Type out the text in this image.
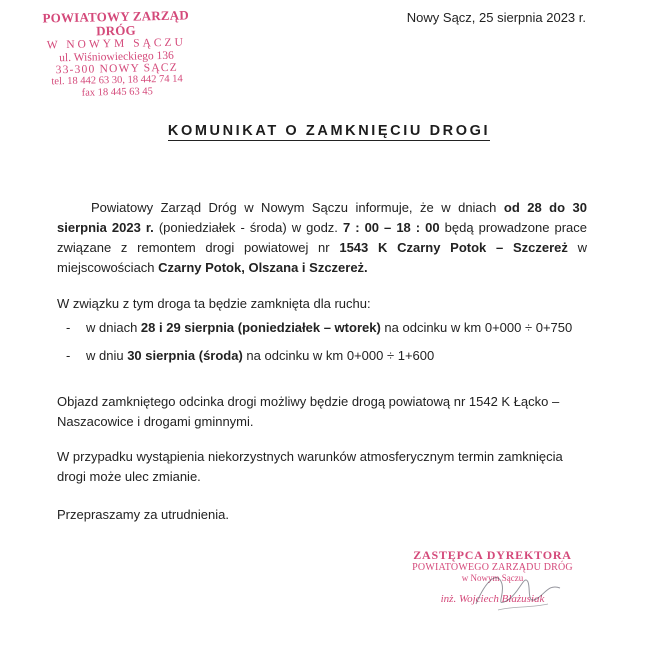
POWIATOWY ZARZĄD DRÓG
W NOWYM SĄCZU
ul. Wiśniowieckiego 136
33-300 NOWY SĄCZ
tel. 18 442 63 30, 18 442 74 14
fax 18 445 63 45
Nowy Sącz, 25 sierpnia 2023 r.
KOMUNIKAT O ZAMKNIĘCIU DROGI
Powiatowy Zarząd Dróg w Nowym Sączu informuje, że w dniach od 28 do 30 sierpnia 2023 r. (poniedziałek - środa) w godz. 7 : 00 – 18 : 00 będą prowadzone prace związane z remontem drogi powiatowej nr 1543 K Czarny Potok – Szczereż w miejscowościach Czarny Potok, Olszana i Szczereż.
W związku z tym droga ta będzie zamknięta dla ruchu:
- w dniach 28 i 29 sierpnia (poniedziałek – wtorek) na odcinku w km 0+000 ÷ 0+750
- w dniu 30 sierpnia (środa) na odcinku w km 0+000 ÷ 1+600
Objazd zamkniętego odcinka drogi możliwy będzie drogą powiatową nr 1542 K Łącko – Naszacowice i drogami gminnymi.
W przypadku wystąpienia niekorzystnych warunków atmosferycznym termin zamknięcia drogi może ulec zmianie.
Przepraszamy za utrudnienia.
ZASTĘPCA DYREKTORA
POWIATOWEGO ZARZĄDU DRÓG
w Nowym Sączu
inż. Wojciech Błażusiak
